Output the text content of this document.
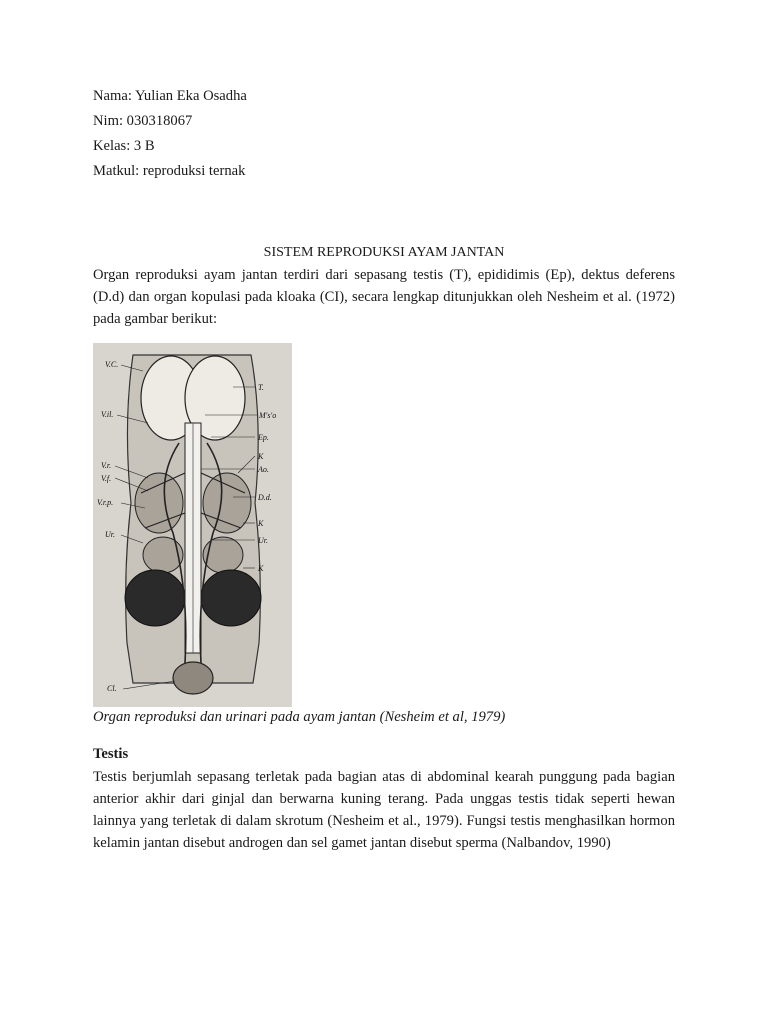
Nama: Yulian Eka Osadha
Nim: 030318067
Kelas: 3 B
Matkul: reproduksi ternak
SISTEM REPRODUKSI AYAM JANTAN

Organ reproduksi ayam jantan terdiri dari sepasang testis (T), epididimis (Ep), dektus deferens (D.d) dan organ kopulasi pada kloaka (CI), secara lengkap ditunjukkan oleh Nesheim et al. (1972) pada gambar berikut:

V.C.
V.il.
V.r.
V.f.
V.r.p.
Ur.
Cl.
T.
M's'o
Ep.
K
Ao.
D.d.
K
Ur.
K
Organ reproduksi dan urinari pada ayam jantan (Nesheim et al, 1979)
Testis

Testis berjumlah sepasang terletak pada bagian atas di abdominal kearah punggung pada bagian anterior akhir dari ginjal dan berwarna kuning terang. Pada unggas testis tidak seperti hewan lainnya yang terletak di dalam skrotum (Nesheim et al., 1979). Fungsi testis menghasilkan hormon kelamin jantan disebut androgen dan sel gamet jantan disebut sperma (Nalbandov, 1990)
